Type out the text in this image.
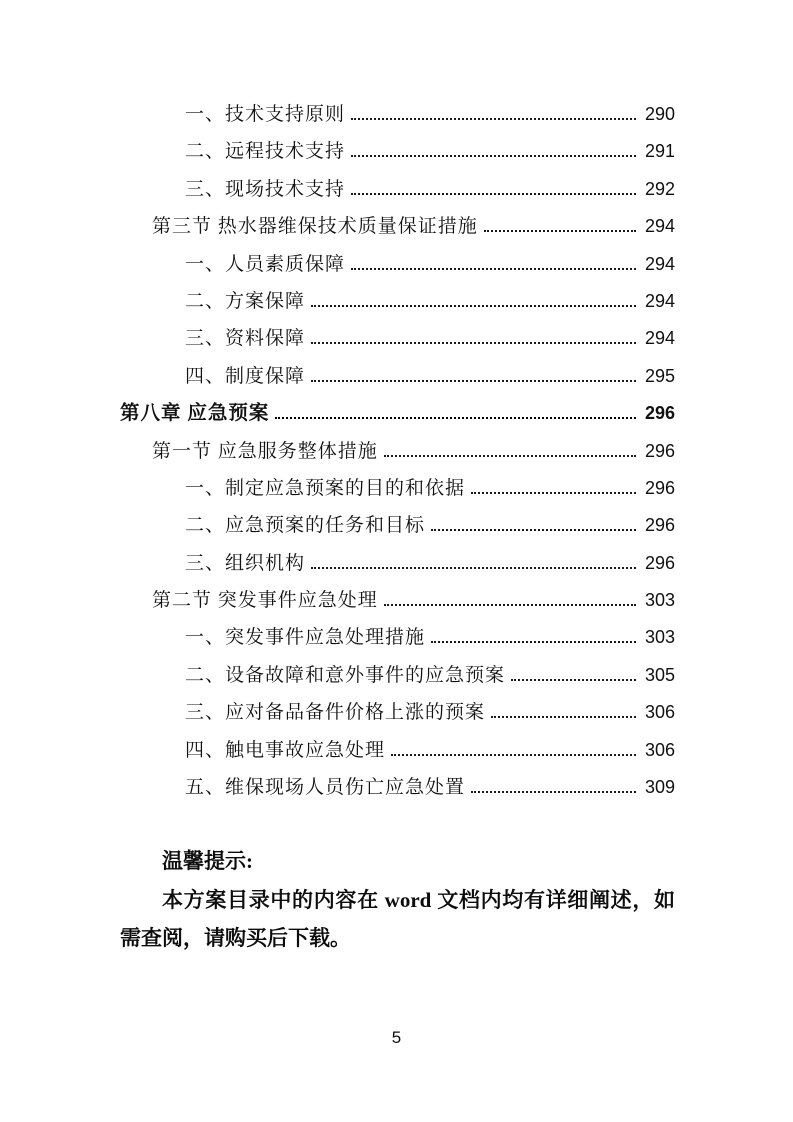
一、技术支持原则	290
二、远程技术支持	291
三、现场技术支持	292
第三节 热水器维保技术质量保证措施	294
一、人员素质保障	294
二、方案保障	294
三、资料保障	294
四、制度保障	295
第八章 应急预案	296
第一节 应急服务整体措施	296
一、制定应急预案的目的和依据	296
二、应急预案的任务和目标	296
三、组织机构	296
第二节 突发事件应急处理	303
一、突发事件应急处理措施	303
二、设备故障和意外事件的应急预案	305
三、应对备品备件价格上涨的预案	306
四、触电事故应急处理	306
五、维保现场人员伤亡应急处置	309

温馨提示:

本方案目录中的内容在 word 文档内均有详细阐述，如需查阅，请购买后下载。

5
